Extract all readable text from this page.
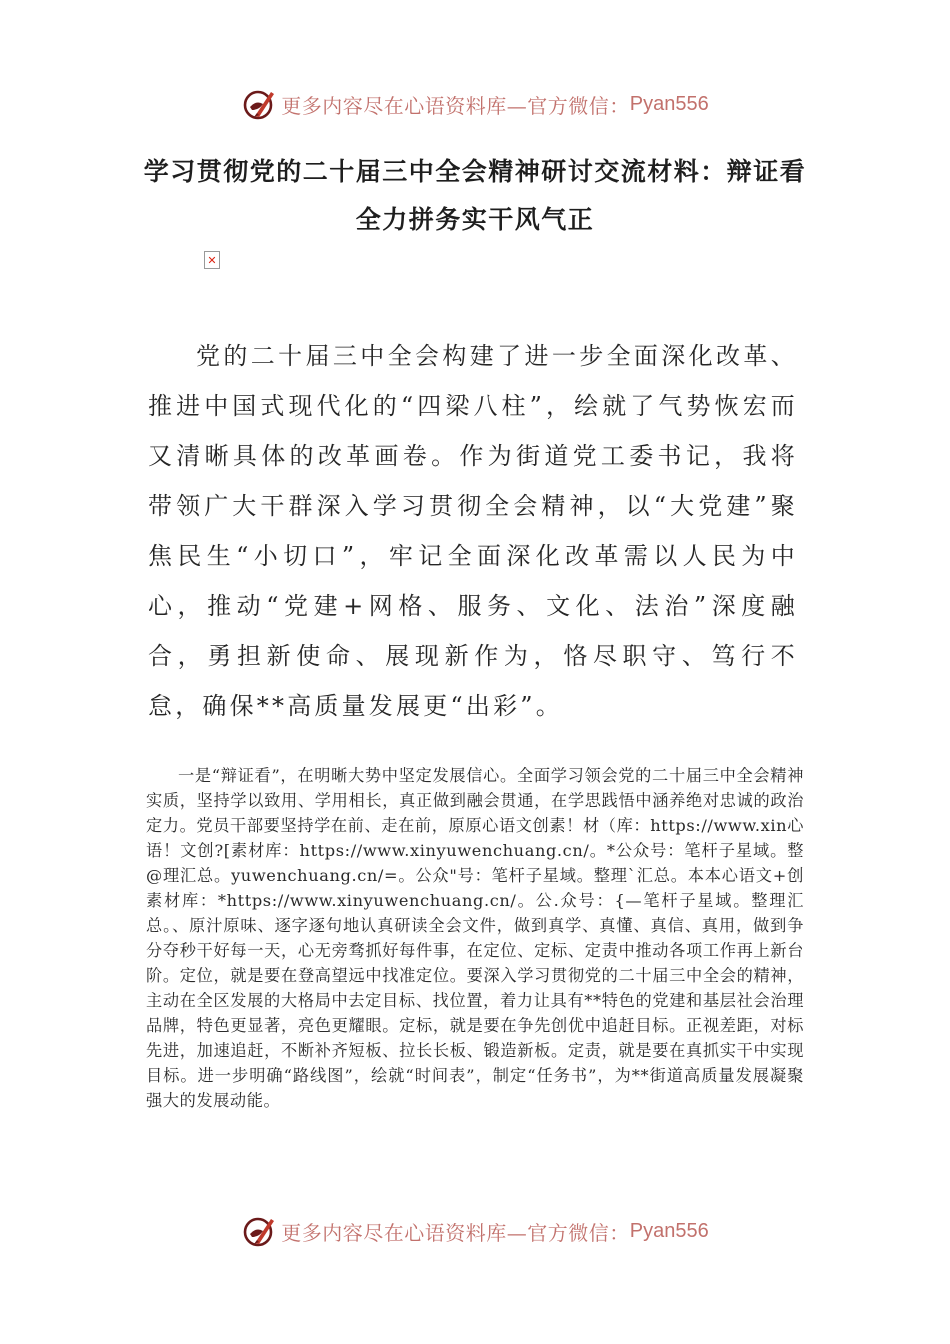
更多内容尽在心语资料库—官方微信： Pyan556
学习贯彻党的二十届三中全会精神研讨交流材料：辩证看
全力拼务实干风气正
✕

党的二十届三中全会构建了进一步全面深化改革、推进中国式现代化的“四梁八柱”，绘就了气势恢宏而又清晰具体的改革画卷。作为街道党工委书记，我将带领广大干群深入学习贯彻全会精神，以“大党建”聚焦民生“小切口”，牢记全面深化改革需以人民为中心，推动“党建+网格、服务、文化、法治”深度融合，勇担新使命、展现新作为，恪尽职守、笃行不怠，确保**高质量发展更“出彩”。

一是“辩证看”，在明晰大势中坚定发展信心。全面学习领会党的二十届三中全会精神实质，坚持学以致用、学用相长，真正做到融会贯通，在学思践悟中涵养绝对忠诚的政治定力。党员干部要坚持学在前、走在前，原原心语文创素！材（库：https://www.xin心语！文创?[素材库：https://www.xinyuwenchuang.cn/。*公众号：笔杆子星域。整@理汇总。yuwenchuang.cn/=。公众"号：笔杆子星域。整理`汇总。本本心语文+创素材库：*https://www.xinyuwenchuang.cn/。公.众号：{—笔杆子星域。整理汇总。、原汁原味、逐字逐句地认真研读全会文件，做到真学、真懂、真信、真用，做到争分夺秒干好每一天，心无旁骛抓好每件事，在定位、定标、定责中推动各项工作再上新台阶。定位，就是要在登高望远中找准定位。要深入学习贯彻党的二十届三中全会的精神，主动在全区发展的大格局中去定目标、找位置，着力让具有**特色的党建和基层社会治理品牌，特色更显著，亮色更耀眼。定标，就是要在争先创优中追赶目标。正视差距，对标先进，加速追赶，不断补齐短板、拉长长板、锻造新板。定责，就是要在真抓实干中实现目标。进一步明确“路线图”，绘就“时间表”，制定“任务书”，为**街道高质量发展凝聚强大的发展动能。

更多内容尽在心语资料库—官方微信： Pyan556
